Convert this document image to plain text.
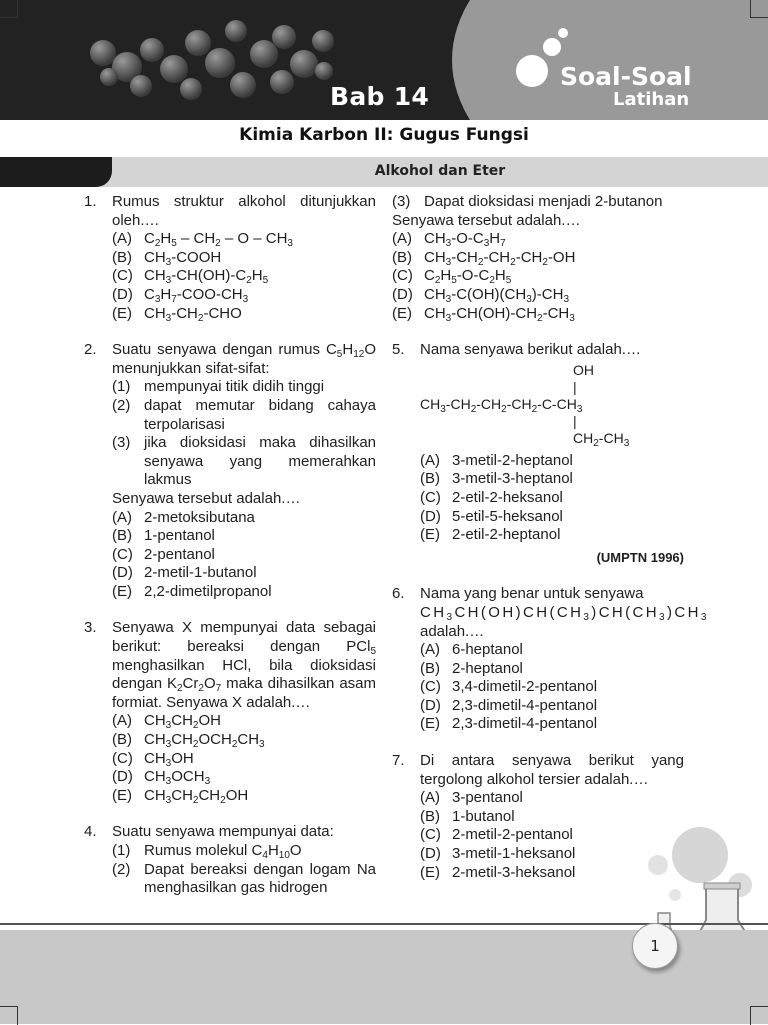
Bab 14
Soal-Soal
Latihan
Kimia Karbon II: Gugus Fungsi
Alkohol dan Eter
1. Rumus struktur alkohol ditunjukkan oleh.…
(A) $C_2H_5 - CH_2$ – O – $CH_3$
(B) $CH_3$-COOH
(C) $CH_3-CH(OH)-C_2H_5$
(D) $C_3H_7-COO-CH_3$
(E) $CH_3-CH_2$-CHO
2. Suatu senyawa dengan rumus $C_5H_{12}O$ menunjukkan sifat-sifat:
(1) mempunyai titik didih tinggi
(2) dapat memutar bidang cahaya terpolarisasi
(3) jika dioksidasi maka dihasilkan senyawa yang memerahkan lakmus
Senyawa tersebut adalah.…
(A) 2-metoksibutana
(B) 1-pentanol
(C) 2-pentanol
(D) 2-metil-1-butanol
(E) 2,2-dimetilpropanol
3. Senyawa X mempunyai data sebagai berikut: bereaksi dengan PCl$_5$ menghasilkan HCl, bila dioksidasi dengan $K_2Cr_2O_7$ maka dihasilkan asam formiat. Senyawa X adalah.…
(A) $CH_3CH_2OH$
(B) $CH_3CH_2OCH_2CH_3$
(C) $CH_3OH$
(D) $CH_3OCH_3$
(E) $CH_3CH_2CH_2OH$
4. Suatu senyawa mempunyai data:
(1) Rumus molekul $C_4H_{10}O$
(2) Dapat bereaksi dengan logam Na menghasilkan gas hidrogen
(3) Dapat dioksidasi menjadi 2-butanon
Senyawa tersebut adalah.…
(A) $CH_3-O-C_3H_7$
(B) $CH_3-CH_2-CH_2-CH_2-OH$
(C) $C_2H_5-O-C_2H_5$
(D) $CH_3-C(OH)(CH_3)-CH_3$
(E) $CH_3-CH(OH)-CH_2-CH_3$
5. Nama senyawa berikut adalah.…
OH
|
$CH_3-CH_2-CH_2-CH_2-C-CH_3$
|
$CH_2-CH_3$
(A) 3-metil-2-heptanol
(B) 3-metil-3-heptanol
(C) 2-etil-2-heksanol
(D) 5-etil-5-heksanol
(E) 2-etil-2-heptanol
(UMPTN 1996)
6. Nama yang benar untuk senyawa
$CH_3CH(OH)CH(CH_3)CH(CH_3)CH_3$
adalah.…
(A) 6-heptanol
(B) 2-heptanol
(C) 3,4-dimetil-2-pentanol
(D) 2,3-dimetil-4-pentanol
(E) 2,3-dimetil-4-pentanol
7. Di antara senyawa berikut yang tergolong alkohol tersier adalah.…
(A) 3-pentanol
(B) 1-butanol
(C) 2-metil-2-pentanol
(D) 3-metil-1-heksanol
(E) 2-metil-3-heksanol
1
